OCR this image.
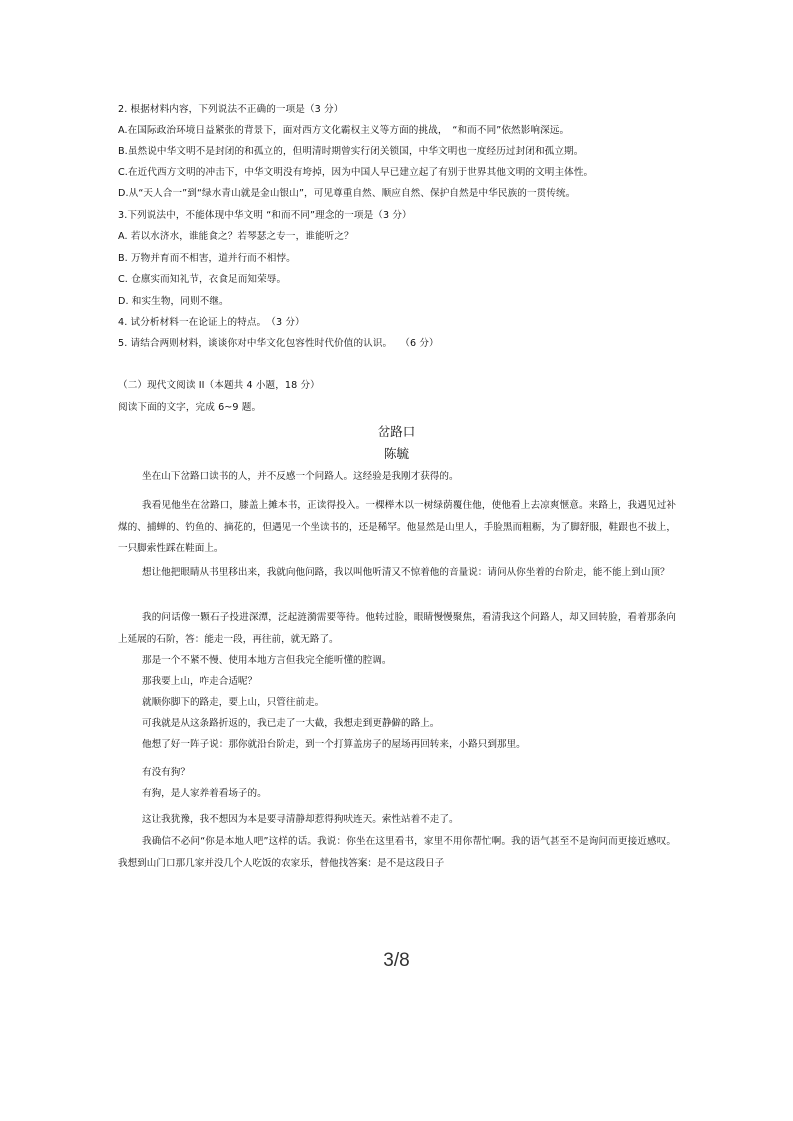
2. 根据材料内容，下列说法不正确的一项是（3 分）
A.在国际政治环境日益紧张的背景下，面对西方文化霸权主义等方面的挑战，　“和而不同”依然影响深远。
B.虽然说中华文明不是封闭的和孤立的，但明清时期曾实行闭关锁国，中华文明也一度经历过封闭和孤立期。
C.在近代西方文明的冲击下，中华文明没有垮掉，因为中国人早已建立起了有别于世界其他文明的文明主体性。
D.从“天人合一”到“绿水青山就是金山银山”，可见尊重自然、顺应自然、保护自然是中华民族的一贯传统。
3.下列说法中，不能体现中华文明 “和而不同”理念的一项是（3 分）
A. 若以水济水，谁能食之？若琴瑟之专一，谁能听之？
B. 万物并育而不相害，道并行而不相悖。
C. 仓廪实而知礼节，衣食足而知荣辱。
D. 和实生物，同则不继。
4. 试分析材料一在论证上的特点。　（3 分）
5. 请结合两则材料，谈谈你对中华文化包容性时代价值的认识。　 （6 分）
（二）现代文阅读 II（本题共 4 小题，18 分）
阅读下面的文字，完成 6~9 题。
岔路口
陈毓
坐在山下岔路口读书的人，并不反感一个问路人。这经验是我刚才获得的。
我看见他坐在岔路口，膝盖上摊本书，正读得投入。一棵榉木以一树绿荫覆住他，使他看上去凉爽惬意。来路上，我遇见过补煤的、捕蝉的、钓鱼的、摘花的，但遇见一个坐读书的，还是稀罕。他显然是山里人，手脸黑而粗粝，为了脚舒服，鞋跟也不拔上，一只脚索性踩在鞋面上。
想让他把眼睛从书里移出来，我就向他问路，我以叫他听清又不惊着他的音量说：请问从你坐着的台阶走，能不能上到山顶？
我的问话像一颗石子投进深潭，泛起涟漪需要等待。他转过脸，眼睛慢慢聚焦，看清我这个问路人，却又回转脸，看着那条向上延展的石阶，答：能走一段，再往前，就无路了。
那是一个不紧不慢、使用本地方言但我完全能听懂的腔调。
那我要上山，咋走合适呢？
就顺你脚下的路走，要上山，只管往前走。
可我就是从这条路折返的，我已走了一大截，我想走到更静僻的路上。
他想了好一阵子说：那你就沿台阶走，到一个打算盖房子的屋场再回转来，小路只到那里。
有没有狗？
有狗，是人家养着看场子的。
这让我犹豫，我不想因为本是要寻清静却惹得狗吠连天。索性站着不走了。
我确信不必问“你是本地人吧”这样的话。我说：你坐在这里看书，家里不用你帮忙啊。我的语气甚至不是询问而更接近感叹。我想到山门口那几家并没几个人吃饭的农家乐，替他找答案：是不是这段日子
3/8
